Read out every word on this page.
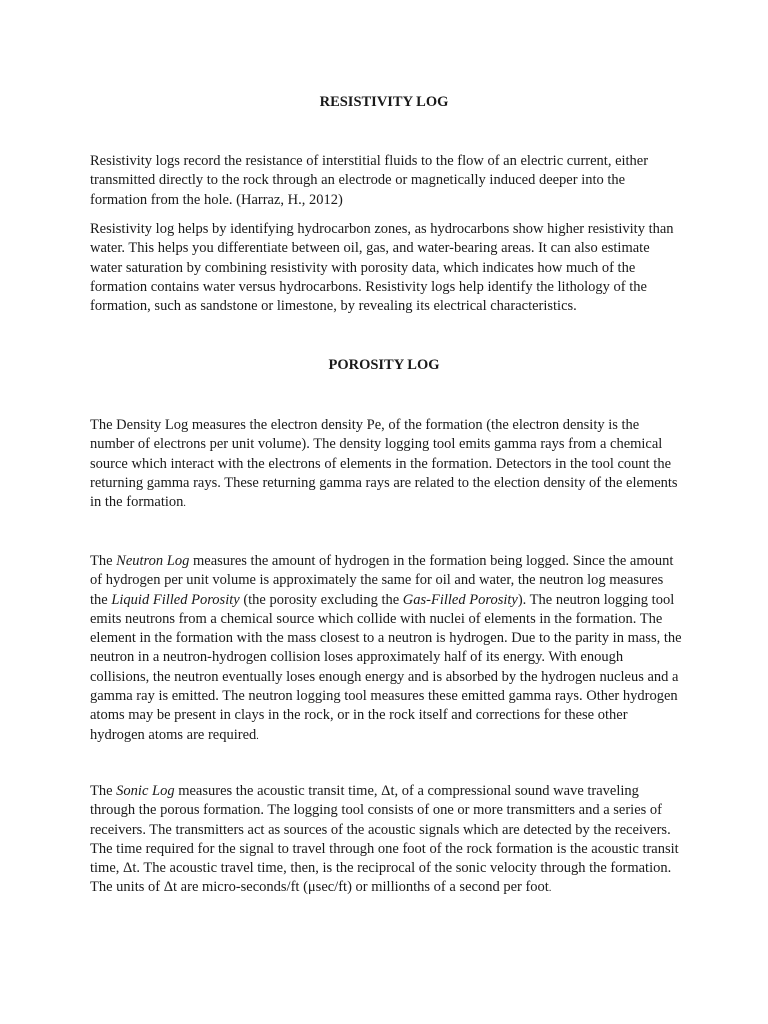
RESISTIVITY LOG

Resistivity logs record the resistance of interstitial fluids to the flow of an electric current, either transmitted directly to the rock through an electrode or magnetically induced deeper into the formation from the hole. (Harraz, H., 2012)

Resistivity log helps by identifying hydrocarbon zones, as hydrocarbons show higher resistivity than water. This helps you differentiate between oil, gas, and water-bearing areas. It can also estimate water saturation by combining resistivity with porosity data, which indicates how much of the formation contains water versus hydrocarbons. Resistivity logs help identify the lithology of the formation, such as sandstone or limestone, by revealing its electrical characteristics.

POROSITY LOG

The Density Log measures the electron density Pe, of the formation (the electron density is the number of electrons per unit volume). The density logging tool emits gamma rays from a chemical source which interact with the electrons of elements in the formation. Detectors in the tool count the returning gamma rays. These returning gamma rays are related to the election density of the elements in the formation.

The Neutron Log measures the amount of hydrogen in the formation being logged. Since the amount of hydrogen per unit volume is approximately the same for oil and water, the neutron log measures the Liquid Filled Porosity (the porosity excluding the Gas-Filled Porosity). The neutron logging tool emits neutrons from a chemical source which collide with nuclei of elements in the formation. The element in the formation with the mass closest to a neutron is hydrogen. Due to the parity in mass, the neutron in a neutron-hydrogen collision loses approximately half of its energy. With enough collisions, the neutron eventually loses enough energy and is absorbed by the hydrogen nucleus and a gamma ray is emitted. The neutron logging tool measures these emitted gamma rays. Other hydrogen atoms may be present in clays in the rock, or in the rock itself and corrections for these other hydrogen atoms are required.

The Sonic Log measures the acoustic transit time, Δt, of a compressional sound wave traveling through the porous formation. The logging tool consists of one or more transmitters and a series of receivers. The transmitters act as sources of the acoustic signals which are detected by the receivers. The time required for the signal to travel through one foot of the rock formation is the acoustic transit time, Δt. The acoustic travel time, then, is the reciprocal of the sonic velocity through the formation. The units of Δt are micro-seconds/ft (μsec/ft) or millionths of a second per foot.
